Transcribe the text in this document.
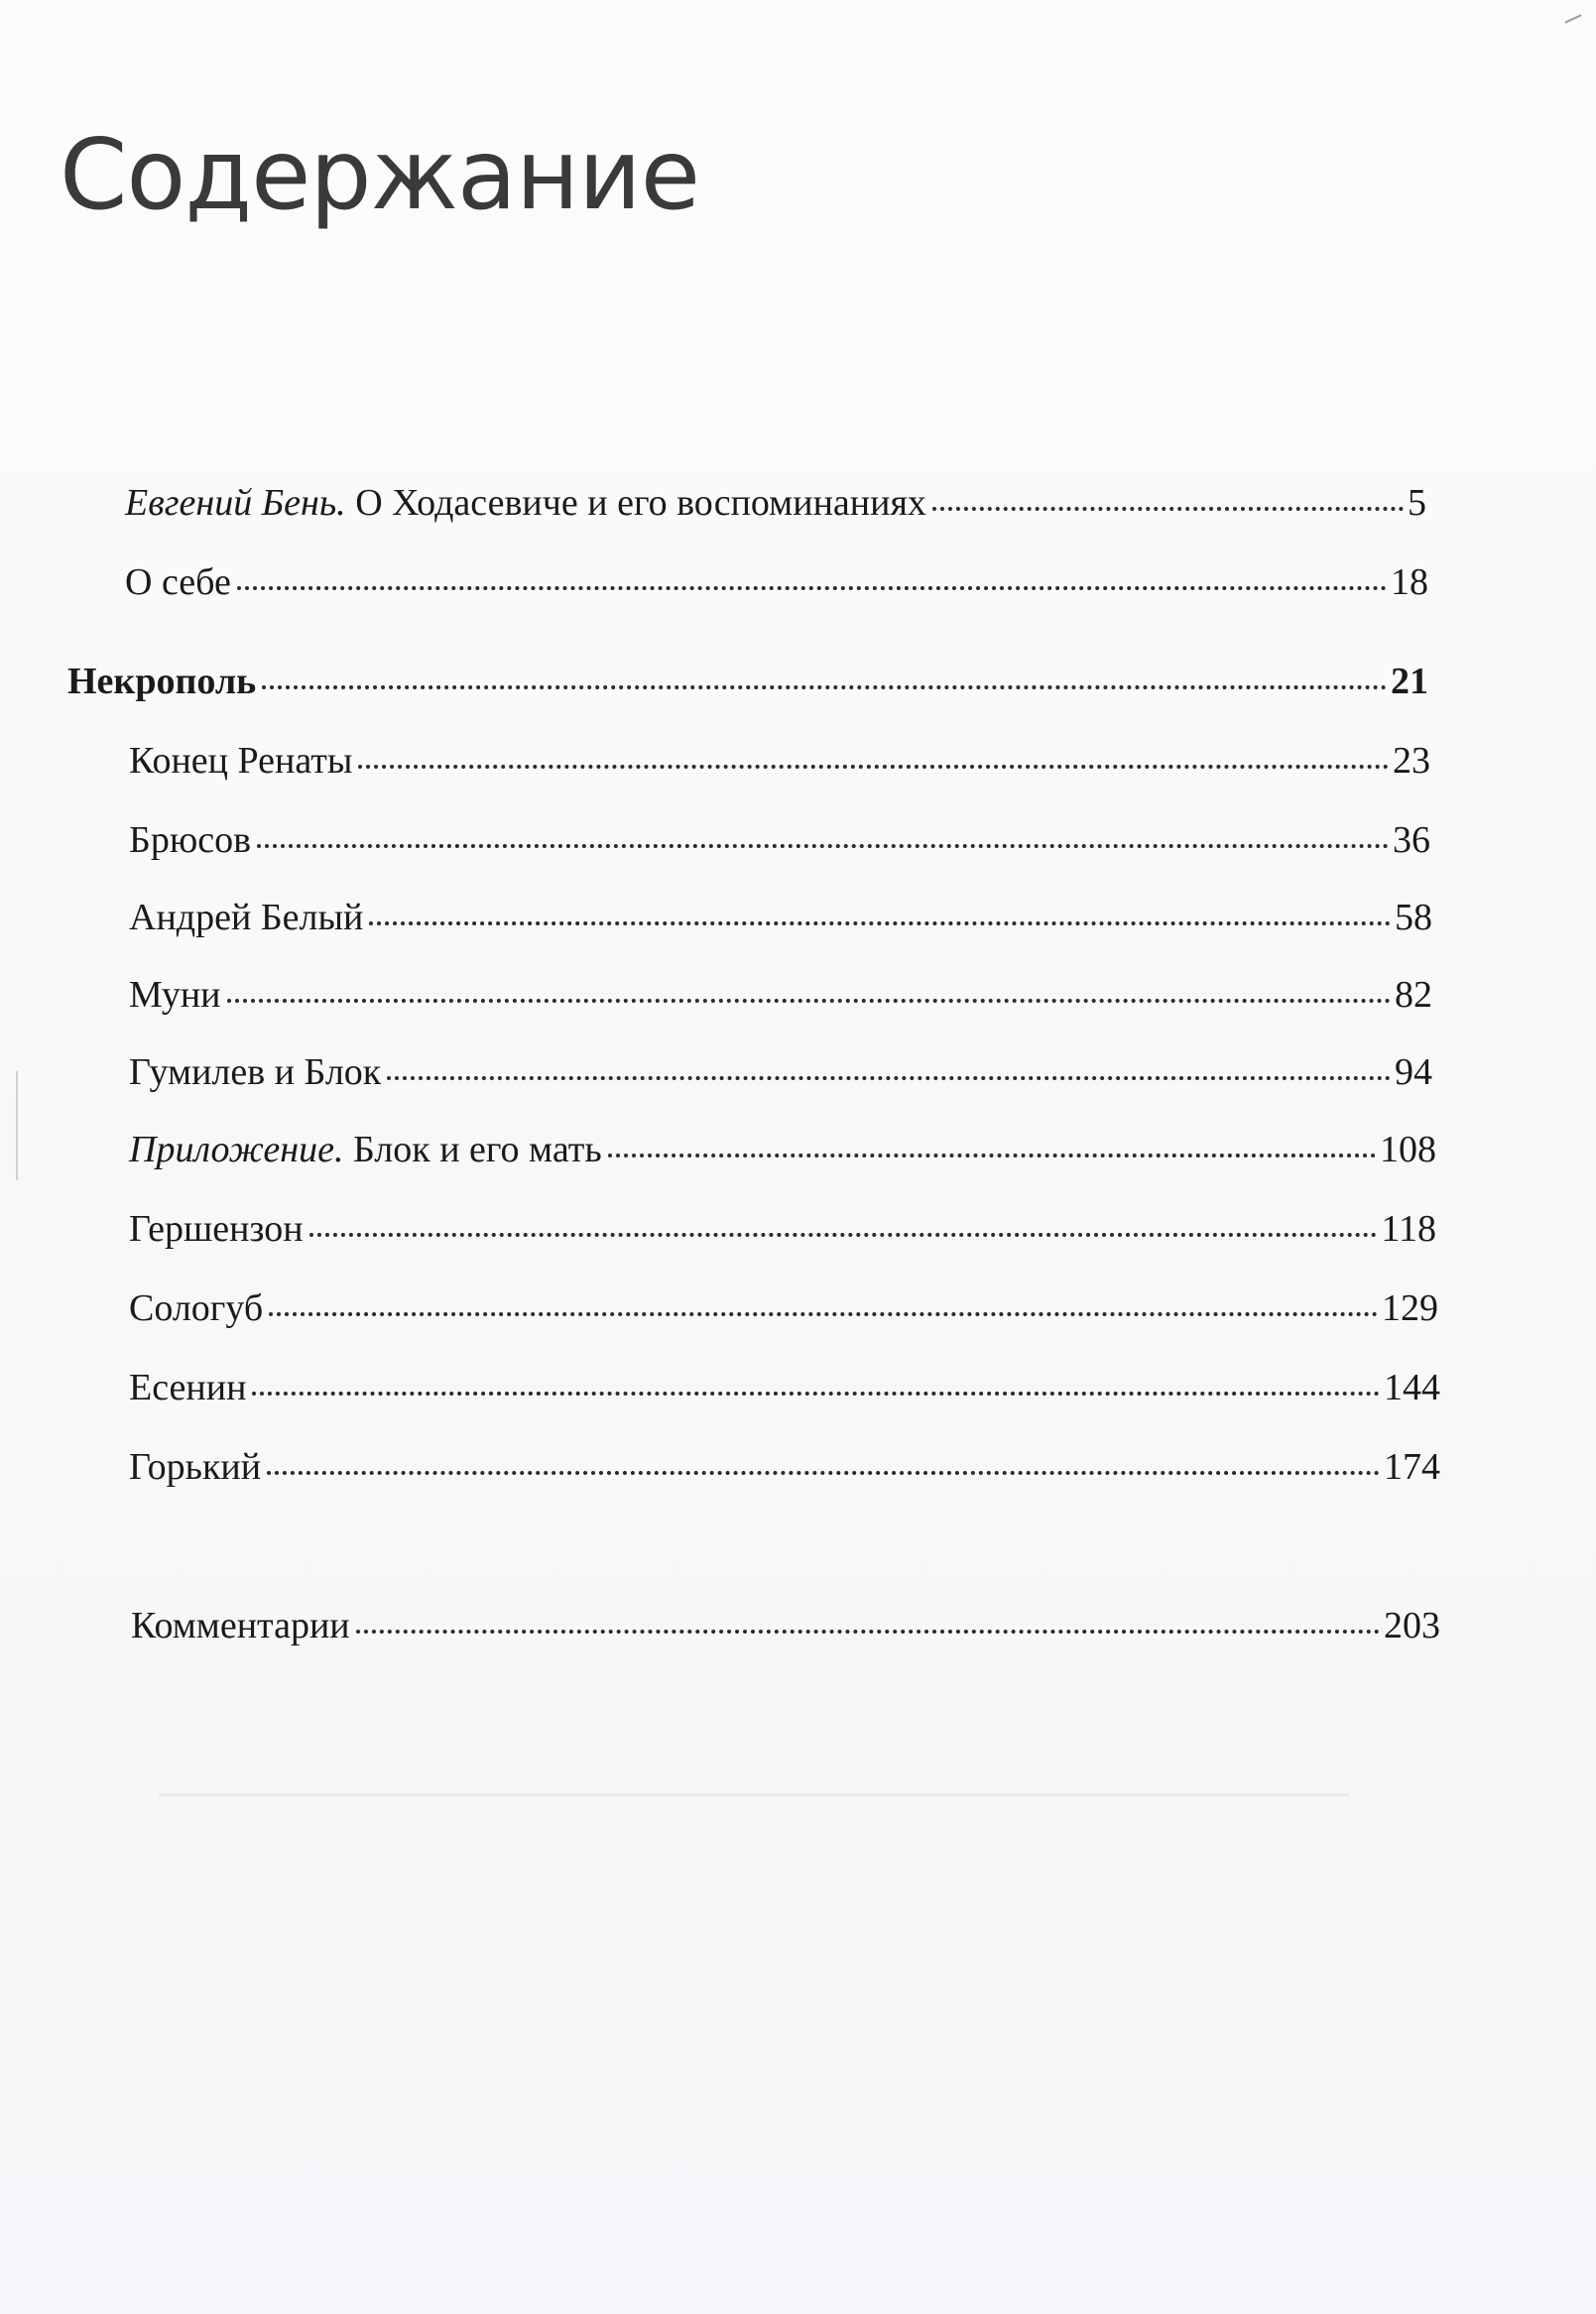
Содержание
Евгений Бень. О Ходасевиче и его воспоминаниях	5
О себе	18
Некрополь	21
Конец Ренаты	23
Брюсов	36
Андрей Белый	58
Муни	82
Гумилев и Блок	94
Приложение. Блок и его мать	108
Гершензон	118
Сологуб	129
Есенин	144
Горький	174
Комментарии	203
